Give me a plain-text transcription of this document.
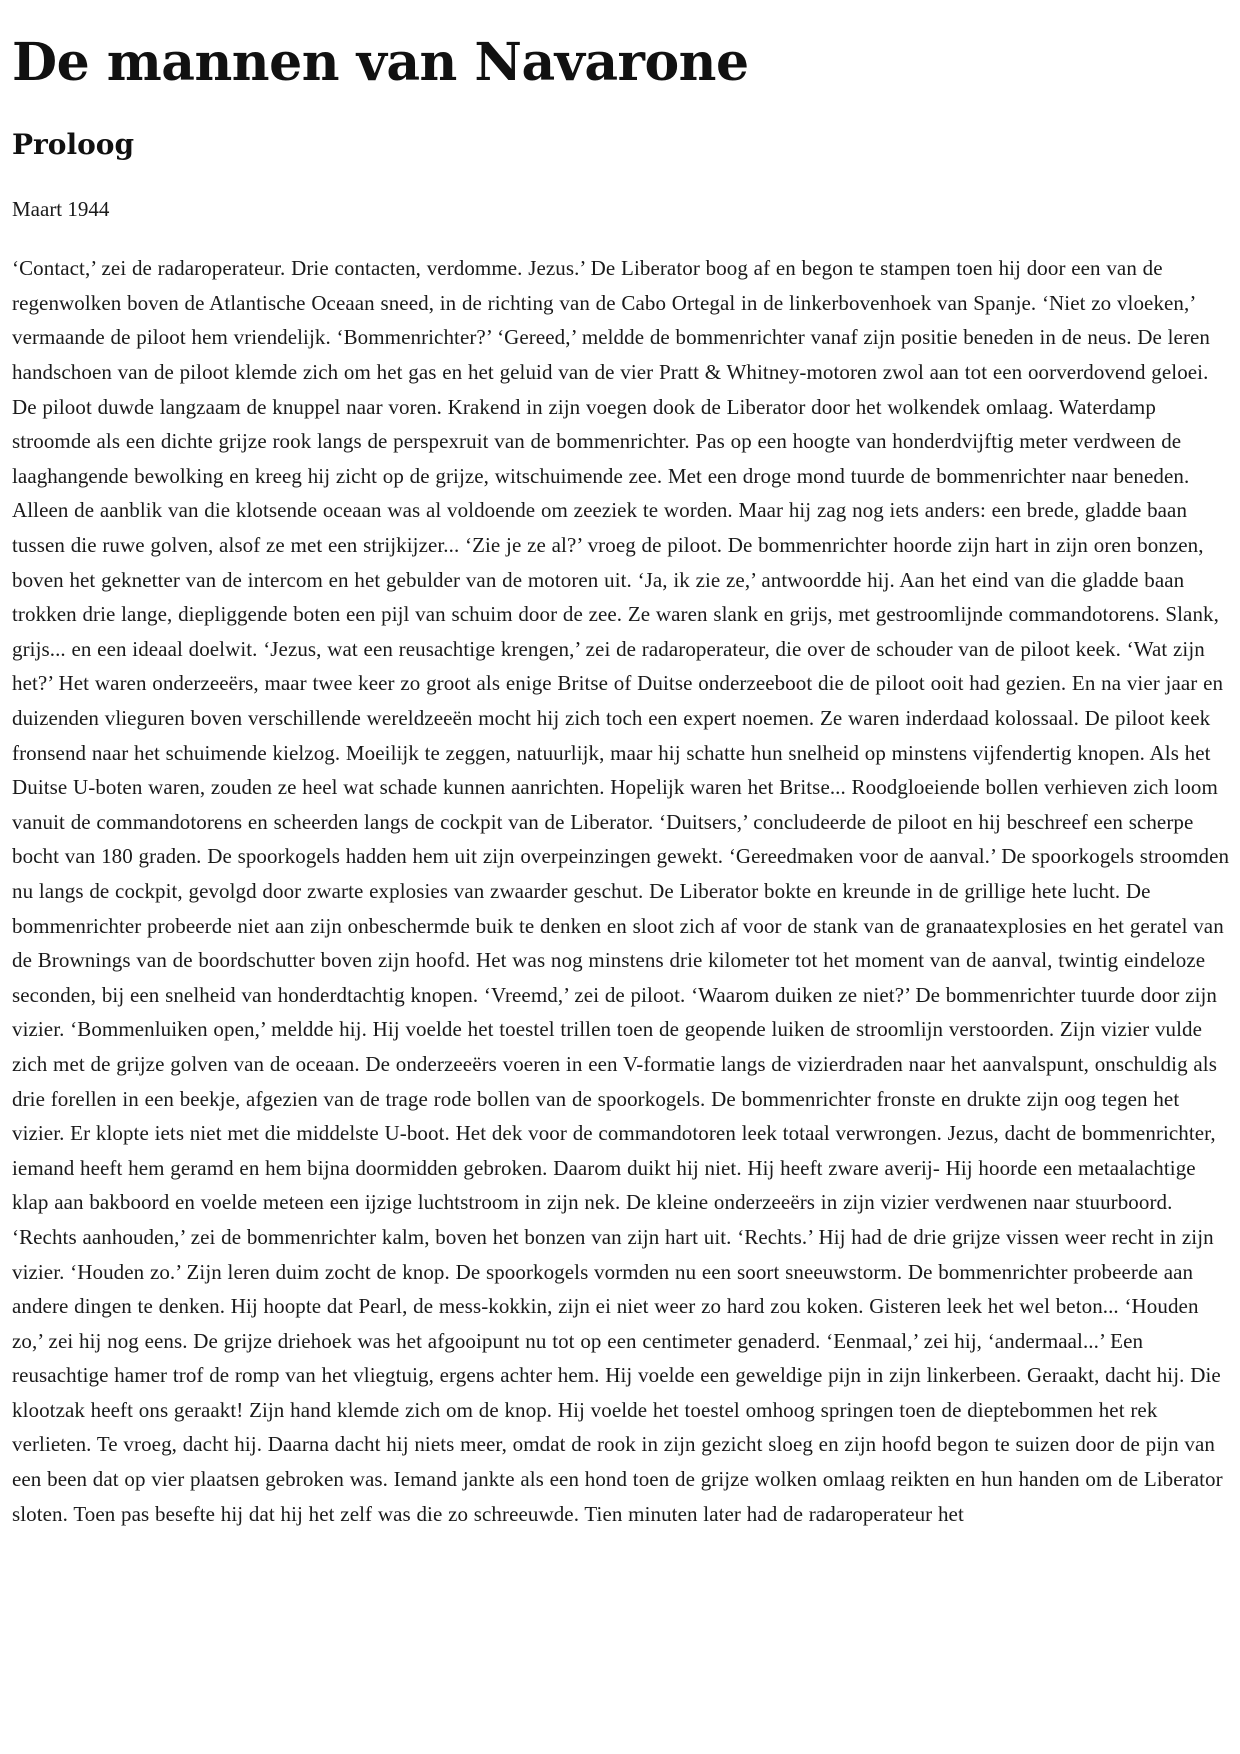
De mannen van Navarone
Proloog

Maart 1944

‘Contact,’ zei de radaroperateur. Drie contacten, verdomme. Jezus.’ De Liberator boog af en begon te stampen toen hij door een van de regenwolken boven de Atlantische Oceaan sneed, in de richting van de Cabo Ortegal in de linkerbovenhoek van Spanje. ‘Niet zo vloeken,’ vermaande de piloot hem vriendelijk. ‘Bommenrichter?’ ‘Gereed,’ meldde de bommenrichter vanaf zijn positie beneden in de neus. De leren handschoen van de piloot klemde zich om het gas en het geluid van de vier Pratt & Whitney-motoren zwol aan tot een oorverdovend geloei. De piloot duwde langzaam de knuppel naar voren. Krakend in zijn voegen dook de Liberator door het wolkendek omlaag. Waterdamp stroomde als een dichte grijze rook langs de perspexruit van de bommenrichter. Pas op een hoogte van honderdvijftig meter verdween de laaghangende bewolking en kreeg hij zicht op de grijze, witschuimende zee. Met een droge mond tuurde de bommenrichter naar beneden. Alleen de aanblik van die klotsende oceaan was al voldoende om zeeziek te worden. Maar hij zag nog iets anders: een brede, gladde baan tussen die ruwe golven, alsof ze met een strijkijzer... ‘Zie je ze al?’ vroeg de piloot. De bommenrichter hoorde zijn hart in zijn oren bonzen, boven het geknetter van de intercom en het gebulder van de motoren uit. ‘Ja, ik zie ze,’ antwoordde hij. Aan het eind van die gladde baan trokken drie lange, diepliggende boten een pijl van schuim door de zee. Ze waren slank en grijs, met gestroomlijnde commandotorens. Slank, grijs... en een ideaal doelwit. ‘Jezus, wat een reusachtige krengen,’ zei de radaroperateur, die over de schouder van de piloot keek. ‘Wat zijn het?’ Het waren onderzeeërs, maar twee keer zo groot als enige Britse of Duitse onderzeeboot die de piloot ooit had gezien. En na vier jaar en duizenden vlieguren boven verschillende wereldzeeën mocht hij zich toch een expert noemen. Ze waren inderdaad kolossaal. De piloot keek fronsend naar het schuimende kielzog. Moeilijk te zeggen, natuurlijk, maar hij schatte hun snelheid op minstens vijfendertig knopen. Als het Duitse U-boten waren, zouden ze heel wat schade kunnen aanrichten. Hopelijk waren het Britse... Roodgloeiende bollen verhieven zich loom vanuit de commandotorens en scheerden langs de cockpit van de Liberator. ‘Duitsers,’ concludeerde de piloot en hij beschreef een scherpe bocht van 180 graden. De spoorkogels hadden hem uit zijn overpeinzingen gewekt. ‘Gereedmaken voor de aanval.’ De spoorkogels stroomden nu langs de cockpit, gevolgd door zwarte explosies van zwaarder geschut. De Liberator bokte en kreunde in de grillige hete lucht. De bommenrichter probeerde niet aan zijn onbeschermde buik te denken en sloot zich af voor de stank van de granaatexplosies en het geratel van de Brownings van de boordschutter boven zijn hoofd. Het was nog minstens drie kilometer tot het moment van de aanval, twintig eindeloze seconden, bij een snelheid van honderdtachtig knopen. ‘Vreemd,’ zei de piloot. ‘Waarom duiken ze niet?’ De bommenrichter tuurde door zijn vizier. ‘Bommenluiken open,’ meldde hij. Hij voelde het toestel trillen toen de geopende luiken de stroomlijn verstoorden. Zijn vizier vulde zich met de grijze golven van de oceaan. De onderzeeërs voeren in een V-formatie langs de vizierdraden naar het aanvalspunt, onschuldig als drie forellen in een beekje, afgezien van de trage rode bollen van de spoorkogels. De bommenrichter fronste en drukte zijn oog tegen het vizier. Er klopte iets niet met die middelste U-boot. Het dek voor de commandotoren leek totaal verwrongen. Jezus, dacht de bommenrichter, iemand heeft hem geramd en hem bijna doormidden gebroken. Daarom duikt hij niet. Hij heeft zware averij- Hij hoorde een metaalachtige klap aan bakboord en voelde meteen een ijzige luchtstroom in zijn nek. De kleine onderzeeërs in zijn vizier verdwenen naar stuurboord. ‘Rechts aanhouden,’ zei de bommenrichter kalm, boven het bonzen van zijn hart uit. ‘Rechts.’ Hij had de drie grijze vissen weer recht in zijn vizier. ‘Houden zo.’ Zijn leren duim zocht de knop. De spoorkogels vormden nu een soort sneeuwstorm. De bommenrichter probeerde aan andere dingen te denken. Hij hoopte dat Pearl, de mess-kokkin, zijn ei niet weer zo hard zou koken. Gisteren leek het wel beton... ‘Houden zo,’ zei hij nog eens. De grijze driehoek was het afgooipunt nu tot op een centimeter genaderd. ‘Eenmaal,’ zei hij, ‘andermaal...’ Een reusachtige hamer trof de romp van het vliegtuig, ergens achter hem. Hij voelde een geweldige pijn in zijn linkerbeen. Geraakt, dacht hij. Die klootzak heeft ons geraakt! Zijn hand klemde zich om de knop. Hij voelde het toestel omhoog springen toen de dieptebommen het rek verlieten. Te vroeg, dacht hij. Daarna dacht hij niets meer, omdat de rook in zijn gezicht sloeg en zijn hoofd begon te suizen door de pijn van een been dat op vier plaatsen gebroken was. Iemand jankte als een hond toen de grijze wolken omlaag reikten en hun handen om de Liberator sloten. Toen pas besefte hij dat hij het zelf was die zo schreeuwde. Tien minuten later had de radaroperateur het
